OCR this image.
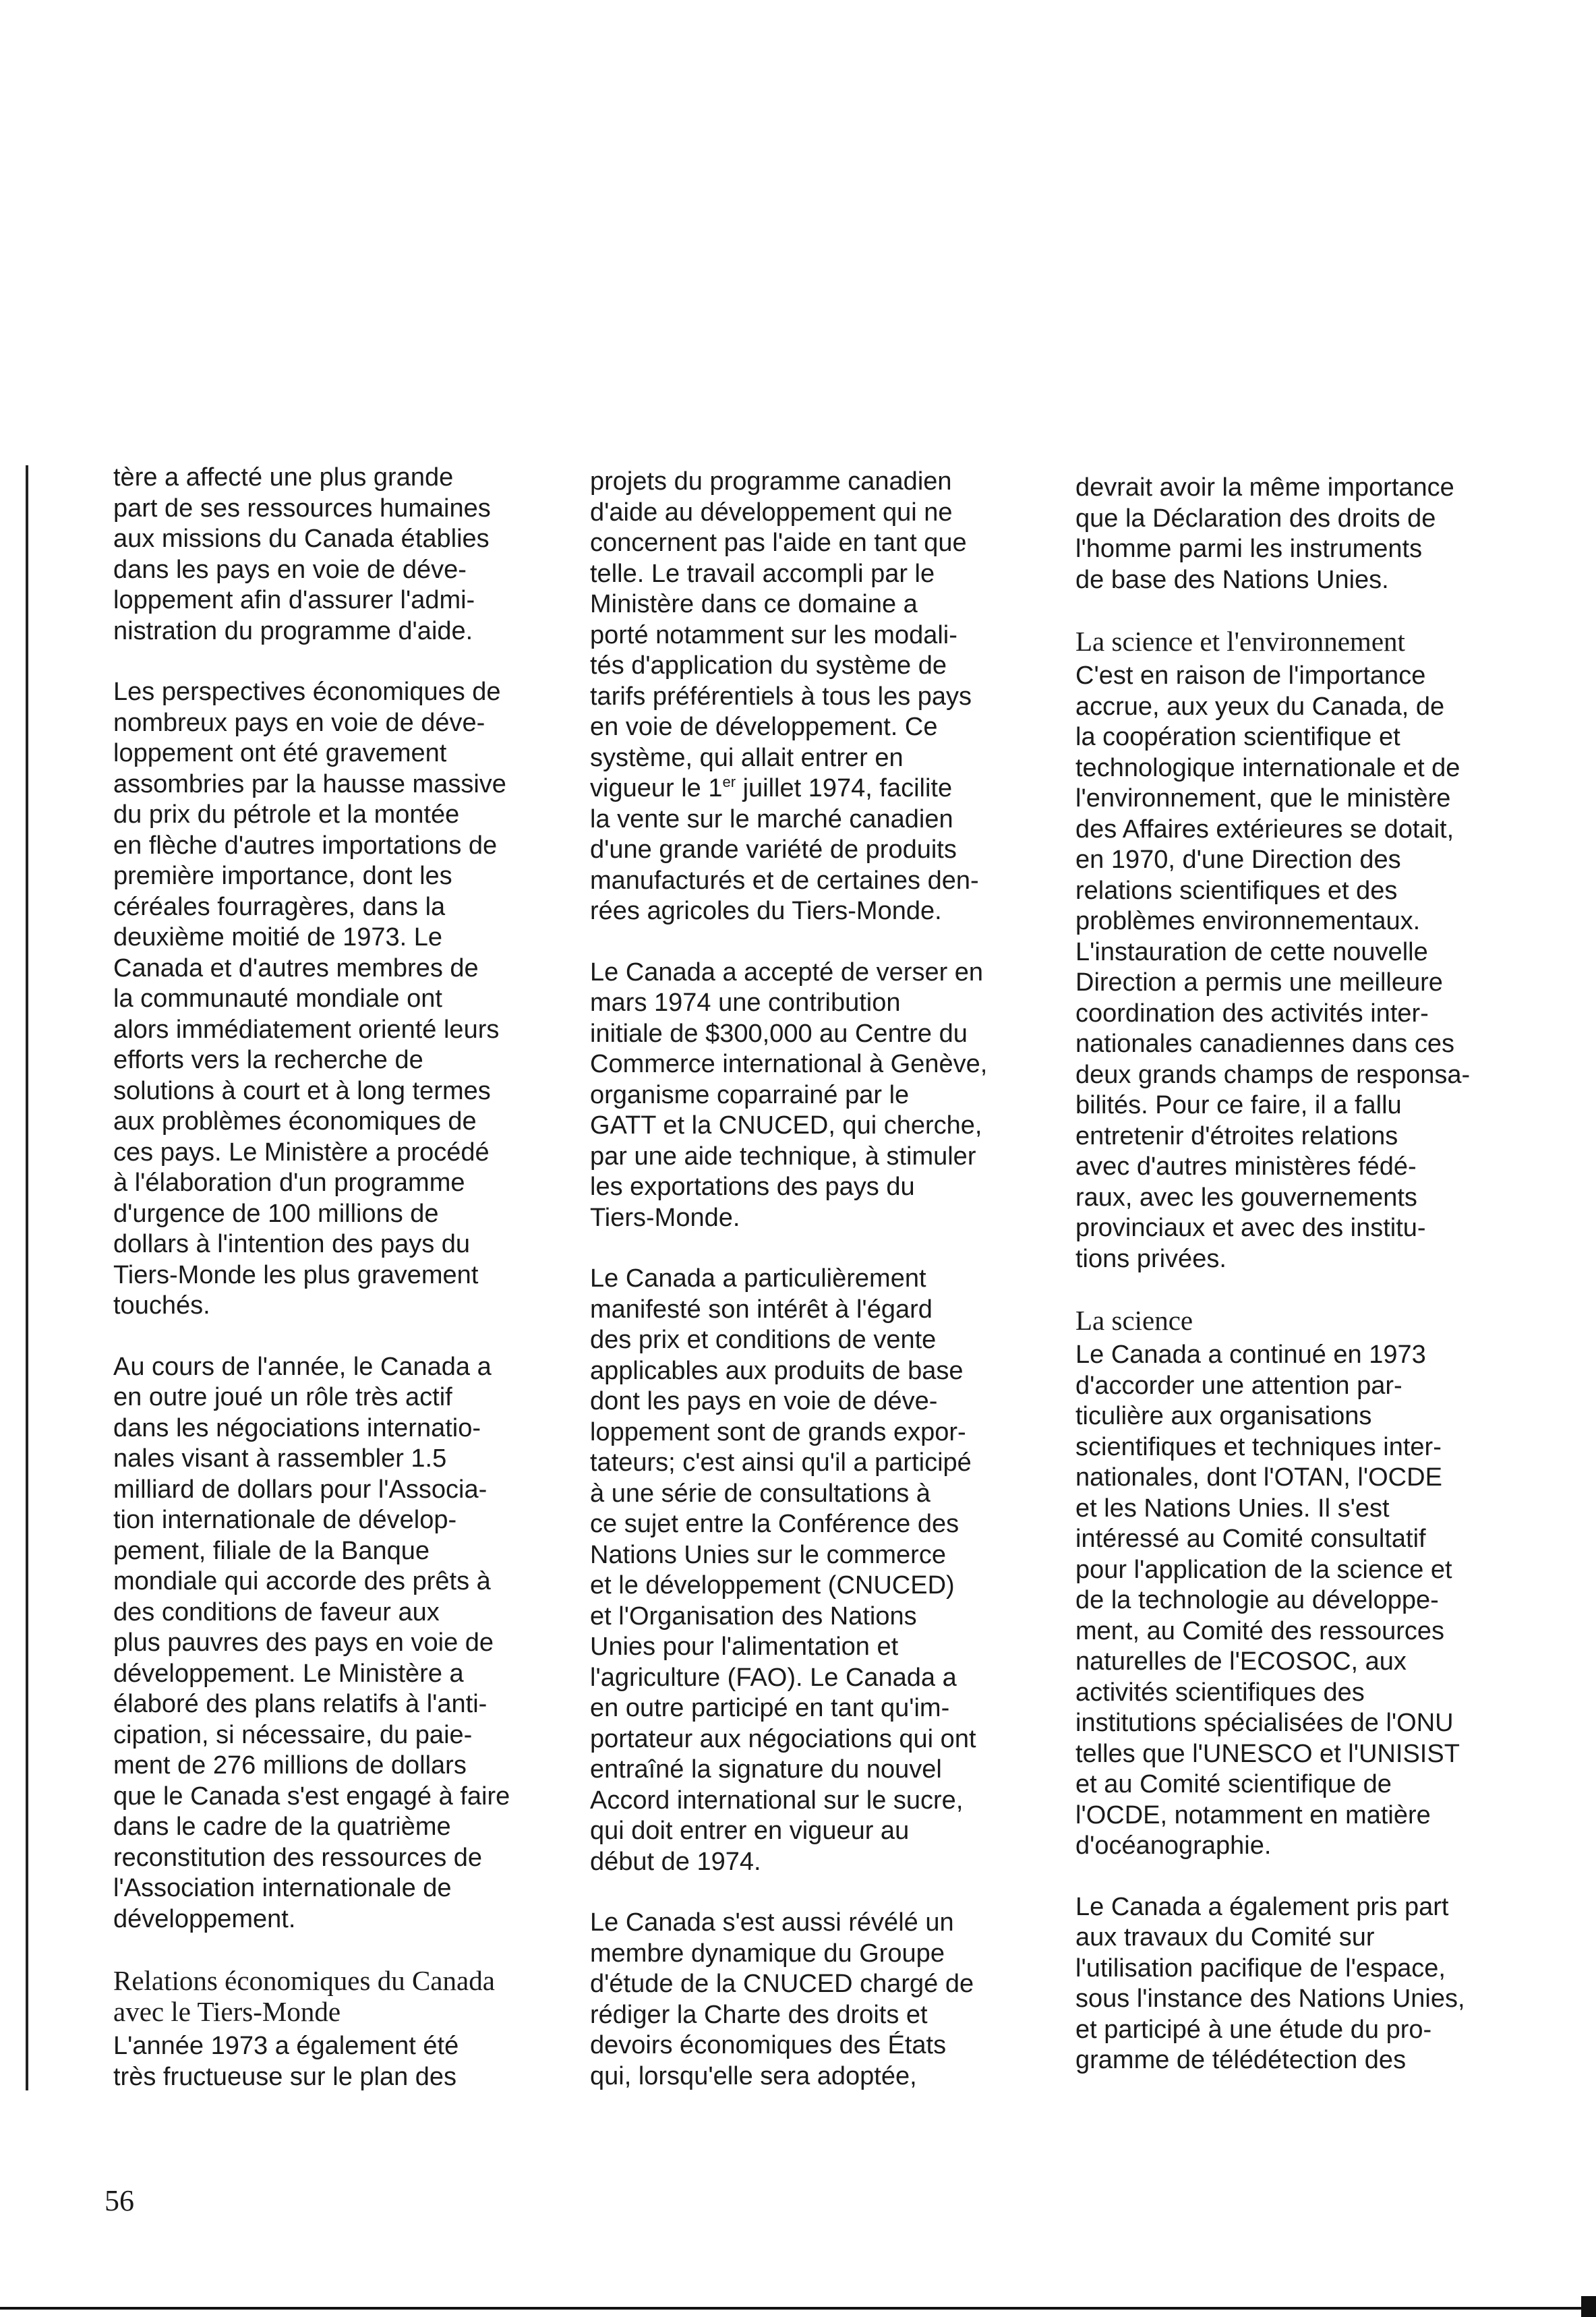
tère a affecté une plus grande
part de ses ressources humaines
aux missions du Canada établies
dans les pays en voie de déve-
loppement afin d'assurer l'admi-
nistration du programme d'aide.
Les perspectives économiques de
nombreux pays en voie de déve-
loppement ont été gravement
assombries par la hausse massive
du prix du pétrole et la montée
en flèche d'autres importations de
première importance, dont les
céréales fourragères, dans la
deuxième moitié de 1973. Le
Canada et d'autres membres de
la communauté mondiale ont
alors immédiatement orienté leurs
efforts vers la recherche de
solutions à court et à long termes
aux problèmes économiques de
ces pays. Le Ministère a procédé
à l'élaboration d'un programme
d'urgence de 100 millions de
dollars à l'intention des pays du
Tiers-Monde les plus gravement
touchés.
Au cours de l'année, le Canada a
en outre joué un rôle très actif
dans les négociations internatio-
nales visant à rassembler 1.5
milliard de dollars pour l'Associa-
tion internationale de dévelop-
pement, filiale de la Banque
mondiale qui accorde des prêts à
des conditions de faveur aux
plus pauvres des pays en voie de
développement. Le Ministère a
élaboré des plans relatifs à l'anti-
cipation, si nécessaire, du paie-
ment de 276 millions de dollars
que le Canada s'est engagé à faire
dans le cadre de la quatrième
reconstitution des ressources de
l'Association internationale de
développement.
Relations économiques du Canada
avec le Tiers-Monde
L'année 1973 a également été
très fructueuse sur le plan des
projets du programme canadien
d'aide au développement qui ne
concernent pas l'aide en tant que
telle. Le travail accompli par le
Ministère dans ce domaine a
porté notamment sur les modali-
tés d'application du système de
tarifs préférentiels à tous les pays
en voie de développement. Ce
système, qui allait entrer en
vigueur le 1er juillet 1974, facilite
la vente sur le marché canadien
d'une grande variété de produits
manufacturés et de certaines den-
rées agricoles du Tiers-Monde.
Le Canada a accepté de verser en
mars 1974 une contribution
initiale de $300,000 au Centre du
Commerce international à Genève,
organisme coparrainé par le
GATT et la CNUCED, qui cherche,
par une aide technique, à stimuler
les exportations des pays du
Tiers-Monde.
Le Canada a particulièrement
manifesté son intérêt à l'égard
des prix et conditions de vente
applicables aux produits de base
dont les pays en voie de déve-
loppement sont de grands expor-
tateurs; c'est ainsi qu'il a participé
à une série de consultations à
ce sujet entre la Conférence des
Nations Unies sur le commerce
et le développement (CNUCED)
et l'Organisation des Nations
Unies pour l'alimentation et
l'agriculture (FAO). Le Canada a
en outre participé en tant qu'im-
portateur aux négociations qui ont
entraîné la signature du nouvel
Accord international sur le sucre,
qui doit entrer en vigueur au
début de 1974.
Le Canada s'est aussi révélé un
membre dynamique du Groupe
d'étude de la CNUCED chargé de
rédiger la Charte des droits et
devoirs économiques des États
qui, lorsqu'elle sera adoptée,
devrait avoir la même importance
que la Déclaration des droits de
l'homme parmi les instruments
de base des Nations Unies.
La science et l'environnement
C'est en raison de l'importance
accrue, aux yeux du Canada, de
la coopération scientifique et
technologique internationale et de
l'environnement, que le ministère
des Affaires extérieures se dotait,
en 1970, d'une Direction des
relations scientifiques et des
problèmes environnementaux.
L'instauration de cette nouvelle
Direction a permis une meilleure
coordination des activités inter-
nationales canadiennes dans ces
deux grands champs de responsa-
bilités. Pour ce faire, il a fallu
entretenir d'étroites relations
avec d'autres ministères fédé-
raux, avec les gouvernements
provinciaux et avec des institu-
tions privées.
La science
Le Canada a continué en 1973
d'accorder une attention par-
ticulière aux organisations
scientifiques et techniques inter-
nationales, dont l'OTAN, l'OCDE
et les Nations Unies. Il s'est
intéressé au Comité consultatif
pour l'application de la science et
de la technologie au développe-
ment, au Comité des ressources
naturelles de l'ECOSOC, aux
activités scientifiques des
institutions spécialisées de l'ONU
telles que l'UNESCO et l'UNISIST
et au Comité scientifique de
l'OCDE, notamment en matière
d'océanographie.
Le Canada a également pris part
aux travaux du Comité sur
l'utilisation pacifique de l'espace,
sous l'instance des Nations Unies,
et participé à une étude du pro-
gramme de télédétection des
56
